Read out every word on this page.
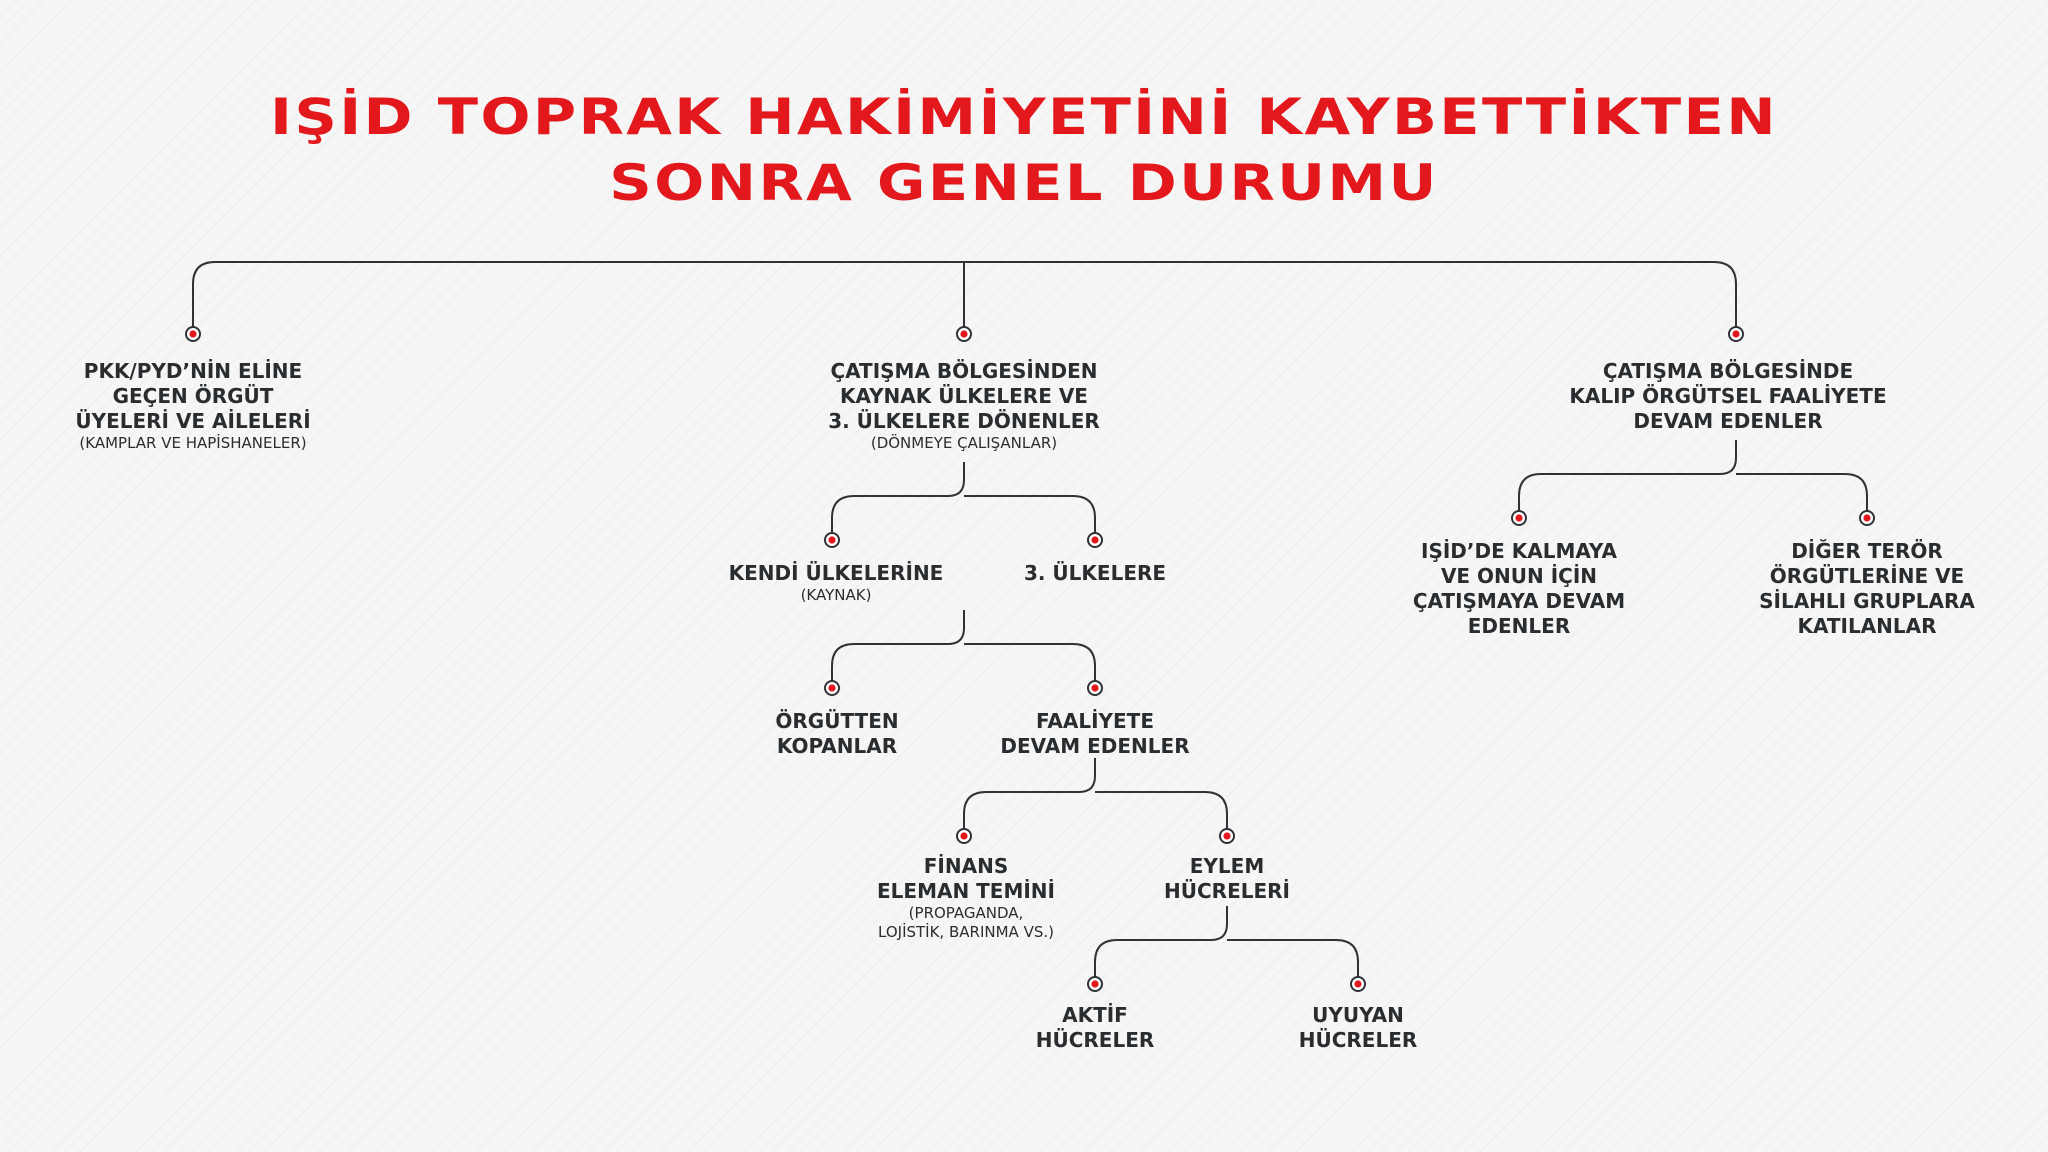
IŞİD TOPRAK HAKİMİYETİNİ KAYBETTİKTEN
SONRA GENEL DURUMU
PKK/PYD’NİN ELİNE
GEÇEN ÖRGÜT
ÜYELERİ VE AİLELERİ
(KAMPLAR VE HAPİSHANELER)
ÇATIŞMA BÖLGESİNDEN
KAYNAK ÜLKELERE VE
3. ÜLKELERE DÖNENLER
(DÖNMEYE ÇALIŞANLAR)
ÇATIŞMA BÖLGESİNDE
KALIP ÖRGÜTSEL FAALİYETE
DEVAM EDENLER
KENDİ ÜLKELERİNE
(KAYNAK)
3. ÜLKELERE
ÖRGÜTTEN
KOPANLAR
FAALİYETE
DEVAM EDENLER
FİNANS
ELEMAN TEMİNİ
(PROPAGANDA,
LOJİSTİK, BARINMA VS.)
EYLEM
HÜCRELERİ
AKTİF
HÜCRELER
UYUYAN
HÜCRELER
IŞİD’DE KALMAYA
VE ONUN İÇİN
ÇATIŞMAYA DEVAM
EDENLER
DİĞER TERÖR
ÖRGÜTLERİNE VE
SİLAHLI GRUPLARA
KATILANLAR
